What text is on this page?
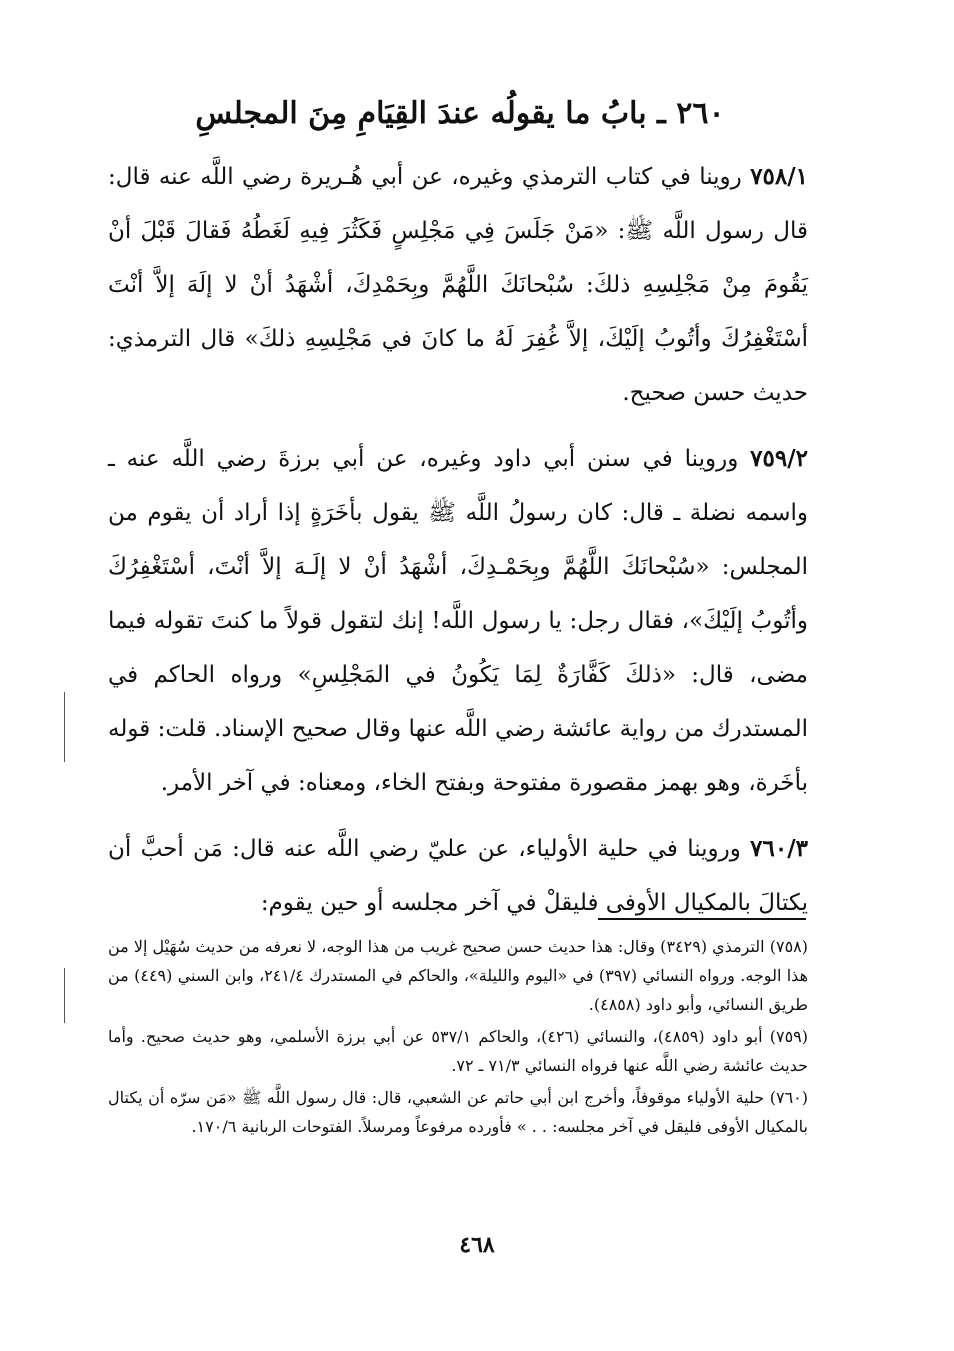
٢٦٠ ـ بابُ ما يقولُه عندَ القِيَامِ مِنَ المجلسِ

٧٥٨/١ روينا في كتاب الترمذي وغيره، عن أبي هُـريرة رضي اللَّه عنه قال: قال رسول اللَّه ﷺ: «مَنْ جَلَسَ فِي مَجْلِسٍ فَكَثُرَ فِيهِ لَغَطُهُ فَقالَ قَبْلَ أنْ يَقُومَ مِنْ مَجْلِسِهِ ذلكَ: سُبْحانَكَ اللَّهُمَّ وبِحَمْدِكَ، أشْهَدُ أنْ لا إلَهَ إلاَّ أنْتَ أسْتَغْفِرُكَ وأتُوبُ إلَيْكَ، إلاَّ غُفِرَ لَهُ ما كانَ في مَجْلِسِهِ ذلكَ» قال الترمذي: حديث حسن صحيح.

٧٥٩/٢ وروينا في سنن أبي داود وغيره، عن أبي برزةَ رضي اللَّه عنه ـ واسمه نضلة ـ قال: كان رسولُ اللَّه ﷺ يقول بأخَرَةٍ إذا أراد أن يقوم من المجلس: «سُبْحانَكَ اللَّهُمَّ وبِحَمْـدِكَ، أشْهَدُ أنْ لا إلَـهَ إلاَّ أنْتَ، أسْتَغْفِرُكَ وأتُوبُ إلَيْكَ»، فقال رجل: يا رسول اللَّه! إنك لتقول قولاً ما كنتَ تقوله فيما مضى، قال: «ذلكَ كَفَّارَةٌ لِمَا يَكُونُ في المَجْلِسِ» ورواه الحاكم في المستدرك من رواية عائشة رضي اللَّه عنها وقال صحيح الإسناد. قلت: قوله بأخَرة، وهو بهمز مقصورة مفتوحة وبفتح الخاء، ومعناه: في آخر الأمر.

٧٦٠/٣ وروينا في حلية الأولياء، عن عليّ رضي اللَّه عنه قال: مَن أحبَّ أن يكتالَ بالمكيال الأوفى فليقلْ في آخر مجلسه أو حين يقوم:

(٧٥٨) الترمذي (٣٤٢٩) وقال: هذا حديث حسن صحيح غريب من هذا الوجه، لا نعرفه من حديث سُهَيْل إلا من هذا الوجه. ورواه النسائي (٣٩٧) في «اليوم والليلة»، والحاكم في المستدرك ٢٤١/٤، وابن السني (٤٤٩) من طريق النسائي، وأبو داود (٤٨٥٨).

(٧٥٩) أبو داود (٤٨٥٩)، والنسائي (٤٢٦)، والحاكم ٥٣٧/١ عن أبي برزة الأسلمي، وهو حديث صحيح. وأما حديث عائشة رضي اللَّه عنها فرواه النسائي ٧١/٣ ـ ٧٢.

(٧٦٠) حلية الأولياء موقوفاً، وأخرج ابن أبي حاتم عن الشعبي، قال: قال رسول اللَّه ﷺ «مَن سرّه أن يكتال بالمكيال الأوفى فليقل في آخر مجلسه: . . » فأورده مرفوعاً ومرسلاً. الفتوحات الربانية ١٧٠/٦.

٤٦٨
